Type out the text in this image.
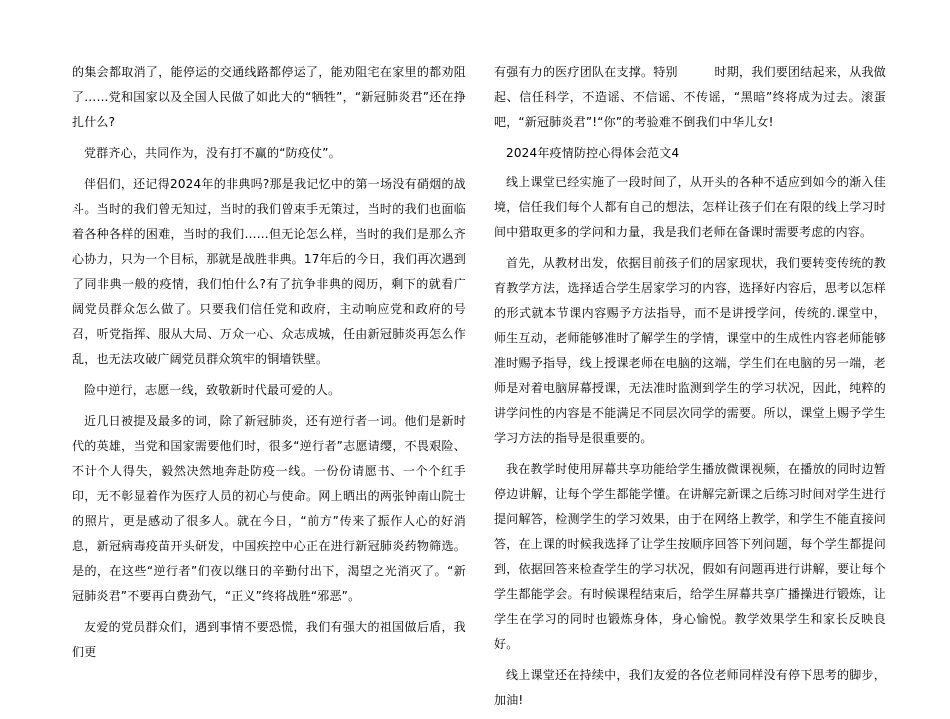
的集会都取消了，能停运的交通线路都停运了，能劝阻宅在家里的都劝阻了……党和国家以及全国人民做了如此大的“牺牲”，“新冠肺炎君”还在挣扎什么?

党群齐心，共同作为，没有打不赢的“防疫仗”。

伴侣们，还记得2024年的非典吗?那是我记忆中的第一场没有硝烟的战斗。当时的我们曾无知过，当时的我们曾束手无策过，当时的我们也面临着各种各样的困难，当时的我们……但无论怎么样，当时的我们是那么齐心协力，只为一个目标，那就是战胜非典。17年后的今日，我们再次遇到了同非典一般的疫情，我们怕什么?有了抗争非典的阅历，剩下的就看广阔党员群众怎么做了。只要我们信任党和政府，主动响应党和政府的号召，听党指挥、服从大局、万众一心、众志成城，任由新冠肺炎再怎么作乱，也无法攻破广阔党员群众筑牢的铜墙铁壁。

险中逆行，志愿一线，致敬新时代最可爱的人。

近几日被提及最多的词，除了新冠肺炎，还有逆行者一词。他们是新时代的英雄，当党和国家需要他们时，很多“逆行者”志愿请缨，不畏艰险、不计个人得失，毅然决然地奔赴防疫一线。一份份请愿书、一个个红手印，无不彰显着作为医疗人员的初心与使命。网上晒出的两张钟南山院士的照片，更是感动了很多人。就在今日，“前方”传来了振作人心的好消息，新冠病毒疫苗开头研发，中国疾控中心正在进行新冠肺炎药物筛选。是的，在这些“逆行者”们夜以继日的辛勤付出下，渴望之光消灭了。“新冠肺炎君”不要再白费劲气，“正义”终将战胜“邪恶”。

友爱的党员群众们，遇到事情不要恐慌，我们有强大的祖国做后盾，我们更

有强有力的医疗团队在支撑。特别　　　时期，我们要团结起来，从我做起、信任科学，不造谣、不信谣、不传谣，“黑暗”终将成为过去。滚蛋吧，“新冠肺炎君”!“你”的考验难不倒我们中华儿女!

2024年疫情防控心得体会范文4

线上课堂已经实施了一段时间了，从开头的各种不适应到如今的渐入佳境，信任我们每个人都有自己的想法，怎样让孩子们在有限的线上学习时间中猎取更多的学问和力量，我是我们老师在备课时需要考虑的内容。

首先，从教材出发，依据目前孩子们的居家现状，我们要转变传统的教育教学方法，选择适合学生居家学习的内容，选择好内容后，思考以怎样的形式就本节课内容赐予方法指导，而不是讲授学问，传统的.课堂中，师生互动，老师能够准时了解学生的学情，课堂中的生成性内容老师能够准时赐予指导，线上授课老师在电脑的这端，学生们在电脑的另一端，老师是对着电脑屏幕授课，无法准时监测到学生的学习状况，因此，纯粹的讲学问性的内容是不能满足不同层次同学的需要。所以，课堂上赐予学生学习方法的指导是很重要的。

我在教学时使用屏幕共享功能给学生播放微课视频，在播放的同时边暂停边讲解，让每个学生都能学懂。在讲解完新课之后练习时间对学生进行提问解答，检测学生的学习效果，由于在网络上教学，和学生不能直接问答，在上课的时候我选择了让学生按顺序回答下列问题，每个学生都提问到，依据回答来检查学生的学习状况，假如有问题再进行讲解，要让每个学生都能学会。有时候课程结束后，给学生屏幕共享广播操进行锻炼，让学生在学习的同时也锻炼身体，身心愉悦。教学效果学生和家长反映良好。

线上课堂还在持续中，我们友爱的各位老师同样没有停下思考的脚步，加油!
